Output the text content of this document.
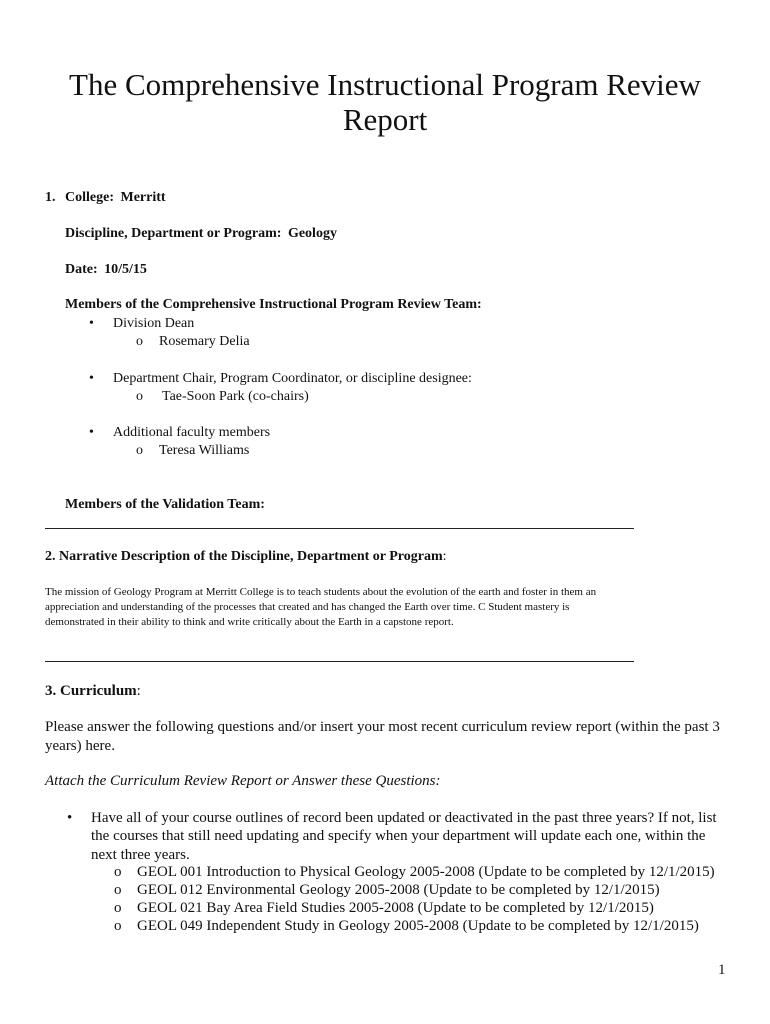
The Comprehensive Instructional Program Review
Report
1. College: Merritt
Discipline, Department or Program: Geology
Date: 10/5/15
Members of the Comprehensive Instructional Program Review Team:
• Division Dean
o Rosemary Delia
• Department Chair, Program Coordinator, or discipline designee:
o Tae-Soon Park (co-chairs)
• Additional faculty members
o Teresa Williams
Members of the Validation Team:
2. Narrative Description of the Discipline, Department or Program:
The mission of Geology Program at Merritt College is to teach students about the evolution of the earth and foster in them an
appreciation and understanding of the processes that created and has changed the Earth over time. C Student mastery is
demonstrated in their ability to think and write critically about the Earth in a capstone report.
3. Curriculum:
Please answer the following questions and/or insert your most recent curriculum review report (within the past 3
years) here.
Attach the Curriculum Review Report or Answer these Questions:
• Have all of your course outlines of record been updated or deactivated in the past three years? If not, list
the courses that still need updating and specify when your department will update each one, within the
next three years.
o GEOL 001 Introduction to Physical Geology 2005-2008 (Update to be completed by 12/1/2015)
o GEOL 012 Environmental Geology 2005-2008 (Update to be completed by 12/1/2015)
o GEOL 021 Bay Area Field Studies 2005-2008 (Update to be completed by 12/1/2015)
o GEOL 049 Independent Study in Geology 2005-2008 (Update to be completed by 12/1/2015)
1
